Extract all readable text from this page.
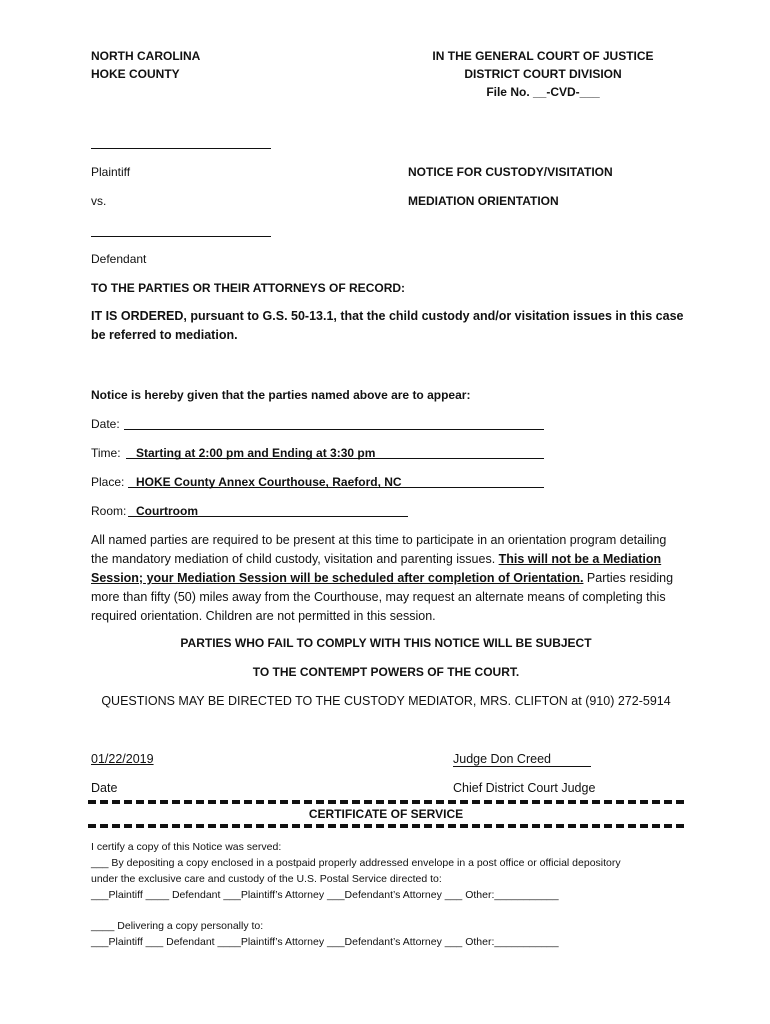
NORTH CAROLINA
HOKE COUNTY
IN THE GENERAL COURT OF JUSTICE
DISTRICT COURT DIVISION
File No. __-CVD-___
Plaintiff
vs.
Defendant
NOTICE FOR CUSTODY/VISITATION
MEDIATION ORIENTATION
TO THE PARTIES OR THEIR ATTORNEYS OF RECORD:
IT IS ORDERED, pursuant to G.S. 50-13.1, that the child custody and/or visitation issues in this case be referred to mediation.
Notice is hereby given that the parties named above are to appear:
Date:
Time: Starting at 2:00 pm and Ending at 3:30 pm
Place: HOKE County Annex Courthouse, Raeford, NC
Room: Courtroom
All named parties are required to be present at this time to participate in an orientation program detailing the mandatory mediation of child custody, visitation and parenting issues. This will not be a Mediation Session; your Mediation Session will be scheduled after completion of Orientation. Parties residing more than fifty (50) miles away from the Courthouse, may request an alternate means of completing this required orientation. Children are not permitted in this session.
PARTIES WHO FAIL TO COMPLY WITH THIS NOTICE WILL BE SUBJECT
TO THE CONTEMPT POWERS OF THE COURT.
QUESTIONS MAY BE DIRECTED TO THE CUSTODY MEDIATOR, MRS. CLIFTON at (910) 272-5914
01/22/2019
Date
Judge Don Creed
Chief District Court Judge
CERTIFICATE OF SERVICE
I certify a copy of this Notice was served:
___ By depositing a copy enclosed in a postpaid properly addressed envelope in a post office or official depository
under the exclusive care and custody of the U.S. Postal Service directed to:
___Plaintiff ____ Defendant ___Plaintiff’s Attorney ___Defendant’s Attorney ___ Other:___________
____ Delivering a copy personally to:
___Plaintiff ___ Defendant ____Plaintiff’s Attorney ___Defendant’s Attorney ___ Other:___________
